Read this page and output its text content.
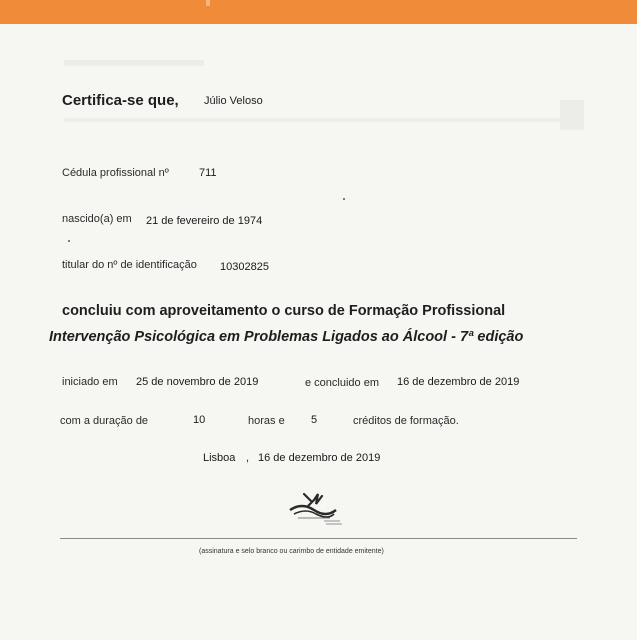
Certifica-se que, Júlio Veloso
Cédula profissional nº	711
nascido(a) em 21 de fevereiro de 1974
titular do nº de identificação 10302825
concluiu com aproveitamento o curso de Formação Profissional
Intervenção Psicológica em Problemas Ligados ao Álcool - 7ª edição
iniciado em 25 de novembro de 2019	e concluido em 16 de dezembro de 2019
com a duração de	10	horas e 5	créditos de formação.
Lisboa , 16 de dezembro de 2019
(assinatura e selo branco ou carimbo de entidade emitente)
